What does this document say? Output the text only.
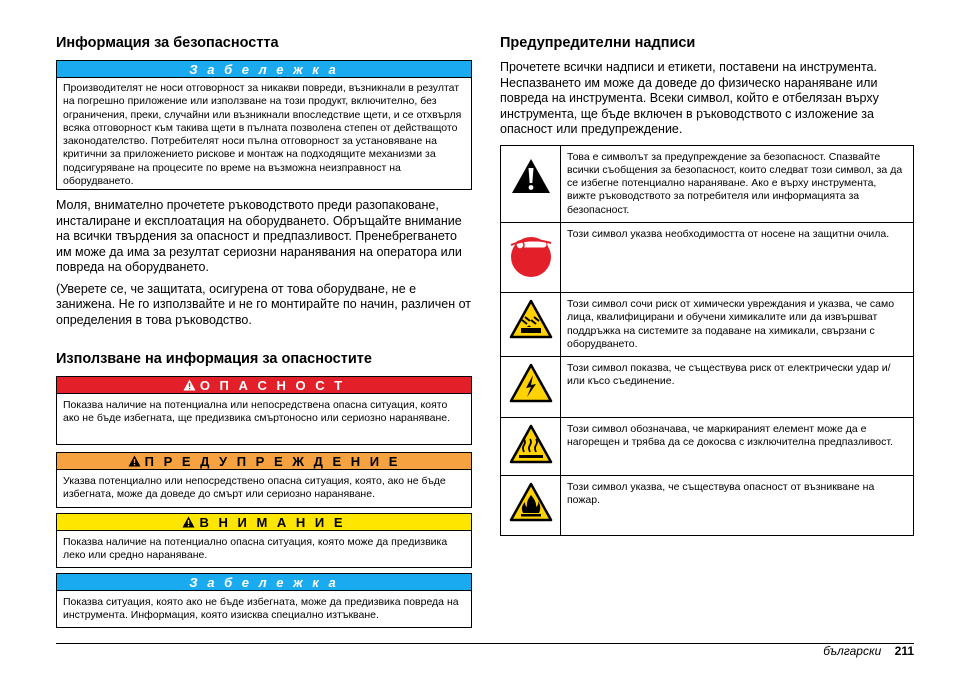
Информация за безопасността
З а б е л е ж к а
Производителят не носи отговорност за никакви повреди, възникнали в резултат на погрешно приложение или използване на този продукт, включително, без ограничения, преки, случайни или възникнали впоследствие щети, и се отхвърля всяка отговорност към такива щети в пълната позволена степен от действащото законодателство. Потребителят носи пълна отговорност за установяване на критични за приложението рискове и монтаж на подходящите механизми за подсигуряване на процесите по време на възможна неизправност на оборудването.

Моля, внимателно прочетете ръководството преди разопаковане, инсталиране и експлоатация на оборудването. Обръщайте внимание на всички твърдения за опасност и предпазливост. Пренебрегването им може да има за резултат сериозни наранявания на оператора или повреда на оборудването.

(Уверете се, че защитата, осигурена от това оборудване, не е занижена. Не го използвайте и не го монтирайте по начин, различен от определения в това ръководство.

Използване на информация за опасностите
О П А С Н О С Т
Показва наличие на потенциална или непосредствена опасна ситуация, която ако не бъде избегната, ще предизвика смъртоносно или сериозно нараняване.
П Р Е Д У П Р Е Ж Д Е Н И Е
Указва потенциално или непосредствено опасна ситуация, която, ако не бъде избегната, може да доведе до смърт или сериозно нараняване.
В Н И М А Н И Е
Показва наличие на потенциално опасна ситуация, която може да предизвика леко или средно нараняване.
З а б е л е ж к а
Показва ситуация, която ако не бъде избегната, може да предизвика повреда на инструмента. Информация, която изисква специално изтъкване.
Предупредителни надписи

Прочетете всички надписи и етикети, поставени на инструмента. Неспазването им може да доведе до физическо нараняване или повреда на инструмента. Всеки символ, който е отбелязан върху инструмента, ще бъде включен в ръководството с изложение за опасност или предупреждение.

	Това е символът за предупреждение за безопасност. Спазвайте всички съобщения за безопасност, които следват този символ, за да се избегне потенциално нараняване. Ако е върху инструмента, вижте ръководството за потребителя или информацията за безопасност.
	Този символ указва необходимостта от носене на защитни очила.
	Този символ сочи риск от химически увреждания и указва, че само лица, квалифицирани и обучени химикалите или да извършват поддръжка на системите за подаване на химикали, свързани с оборудването.
	Този символ показва, че съществува риск от електрически удар и/или късо съединение.
	Този символ обозначава, че маркираният елемент може да е нагорещен и трябва да се докосва с изключителна предпазливост.
	Този символ указва, че съществува опасност от възникване на пожар.
български 211
